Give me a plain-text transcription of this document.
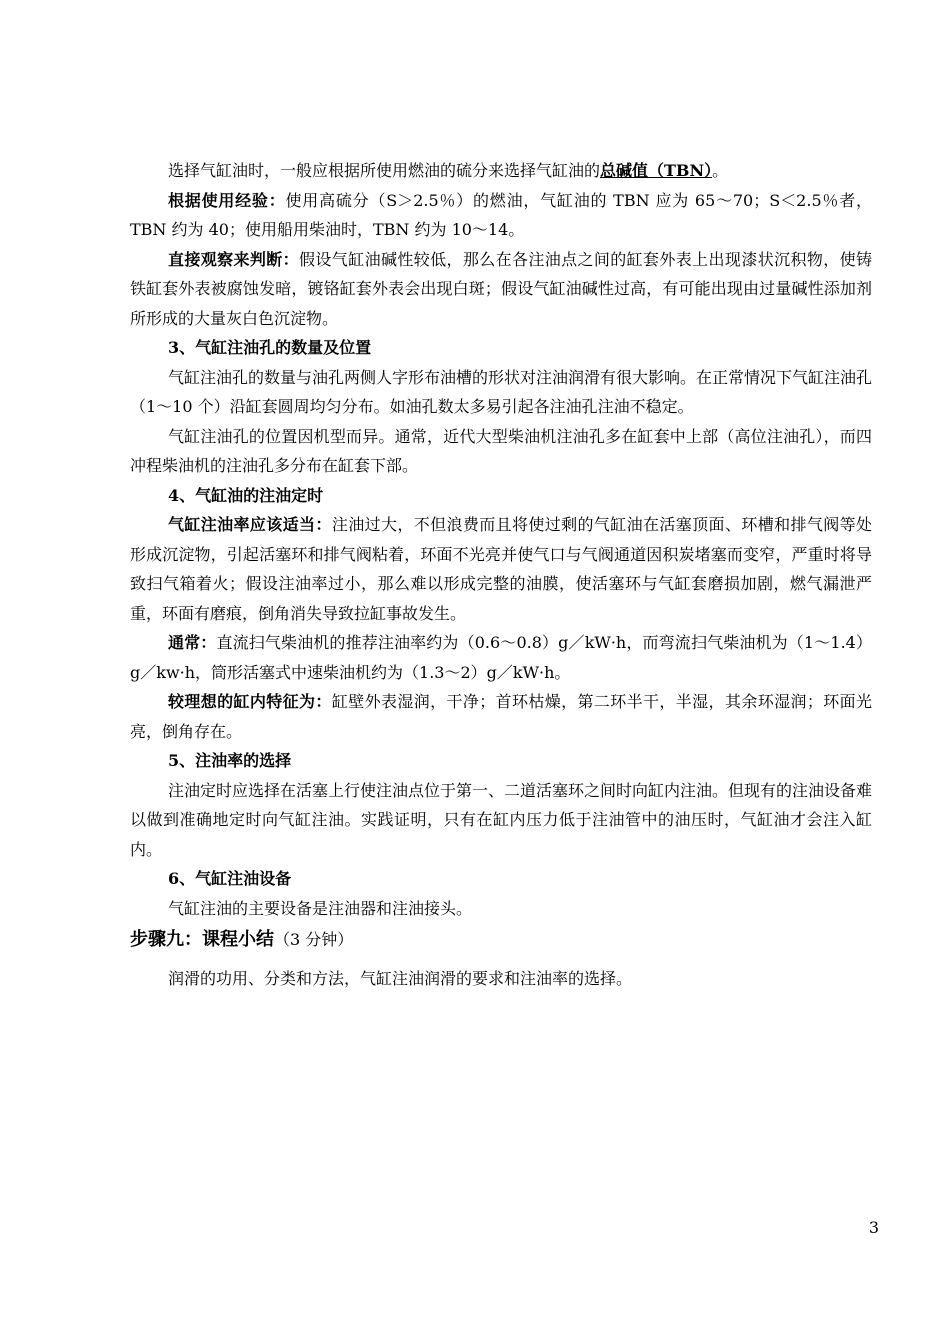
选择气缸油时，一般应根据所使用燃油的硫分来选择气缸油的总碱值（TBN）。

根据使用经验：使用高硫分（S＞2.5％）的燃油，气缸油的 TBN 应为 65～70；S＜2.5％者，TBN 约为 40；使用船用柴油时，TBN 约为 10～14。

直接观察来判断：假设气缸油碱性较低，那么在各注油点之间的缸套外表上出现漆状沉积物，使铸铁缸套外表被腐蚀发暗，镀铬缸套外表会出现白斑；假设气缸油碱性过高，有可能出现由过量碱性添加剂所形成的大量灰白色沉淀物。

3、气缸注油孔的数量及位置

气缸注油孔的数量与油孔两侧人字形布油槽的形状对注油润滑有很大影响。在正常情况下气缸注油孔（1～10 个）沿缸套圆周均匀分布。如油孔数太多易引起各注油孔注油不稳定。

气缸注油孔的位置因机型而异。通常，近代大型柴油机注油孔多在缸套中上部（高位注油孔），而四冲程柴油机的注油孔多分布在缸套下部。

4、气缸油的注油定时

气缸注油率应该适当：注油过大，不但浪费而且将使过剩的气缸油在活塞顶面、环槽和排气阀等处形成沉淀物，引起活塞环和排气阀粘着，环面不光亮并使气口与气阀通道因积炭堵塞而变窄，严重时将导致扫气箱着火；假设注油率过小，那么难以形成完整的油膜，使活塞环与气缸套磨损加剧，燃气漏泄严重，环面有磨痕，倒角消失导致拉缸事故发生。

通常：直流扫气柴油机的推荐注油率约为（0.6～0.8）g／kW·h，而弯流扫气柴油机为（1～1.4）g／kw·h，筒形活塞式中速柴油机约为（1.3～2）g／kW·h。

较理想的缸内特征为：缸壁外表湿润，干净；首环枯燥，第二环半干，半湿，其余环湿润；环面光亮，倒角存在。

5、注油率的选择

注油定时应选择在活塞上行使注油点位于第一、二道活塞环之间时向缸内注油。但现有的注油设备难以做到准确地定时向气缸注油。实践证明，只有在缸内压力低于注油管中的油压时，气缸油才会注入缸内。

6、气缸注油设备

气缸注油的主要设备是注油器和注油接头。

步骤九：课程小结（3 分钟）

润滑的功用、分类和方法，气缸注油润滑的要求和注油率的选择。

3
